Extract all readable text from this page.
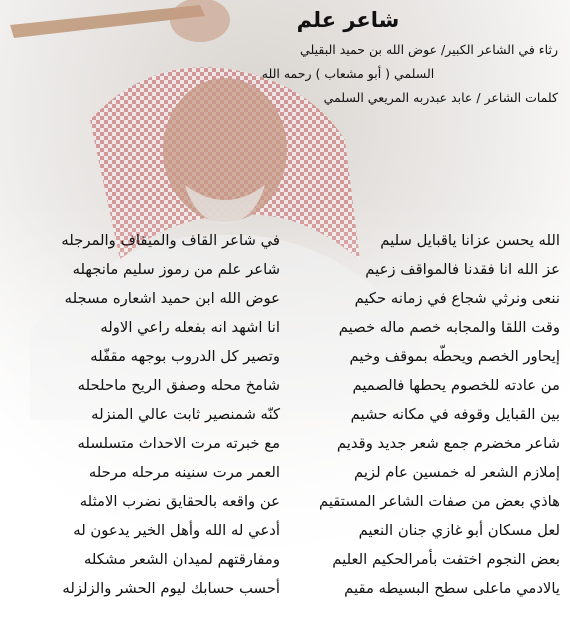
شاعر علم
رثاء في الشاعر الكبير/ عوض الله بن حميد البقيلي
السلمي ( أبو مشعاب ) رحمه الله
كلمات الشاعر / عابد عبدربه المريعي السلمي
الله يحسن عزانا ياقبايل سليم
عز الله انا فقدنا فالمواقف زعيم
ننعى ونرثي شجاع في زمانه حكيم
وقت اللقا والمجابه خصم ماله خصيم
إيحاور الخصم ويحطّه بموقف وخيم
من عادته للخصوم يحطها فالصميم
بين القبايل وقوفه في مكانه حشيم
شاعر مخضرم جمع شعر جديد وقديم
إملازم الشعر له خمسين عام لزيم
هاذي بعض من صفات الشاعر المستقيم
لعل مسكان أبو غازي جنان النعيم
بعض النجوم اختفت بأمرالحكيم العليم
يالادمي ماعلى سطح البسيطه مقيم
في شاعر القاف والميقاف والمرجله
شاعر علم من رموز سليم مانجهله
عوض الله ابن حميد اشعاره مسجله
انا اشهد انه بفعله راعي الاوله
وتصير كل الدروب بوجهه مقفّله
شامخ محله وصفق الريح ماحلحله
كنّه شمنصير ثابت عالي المنزله
مع خبرته مرت الاحداث متسلسله
العمر مرت سنينه مرحله مرحله
عن واقعه بالحقايق نضرب الامثله
أدعي له الله وأهل الخير يدعون له
ومفارقتهم لميدان الشعر مشكله
أحسب حسابك ليوم الحشر والزلزله
